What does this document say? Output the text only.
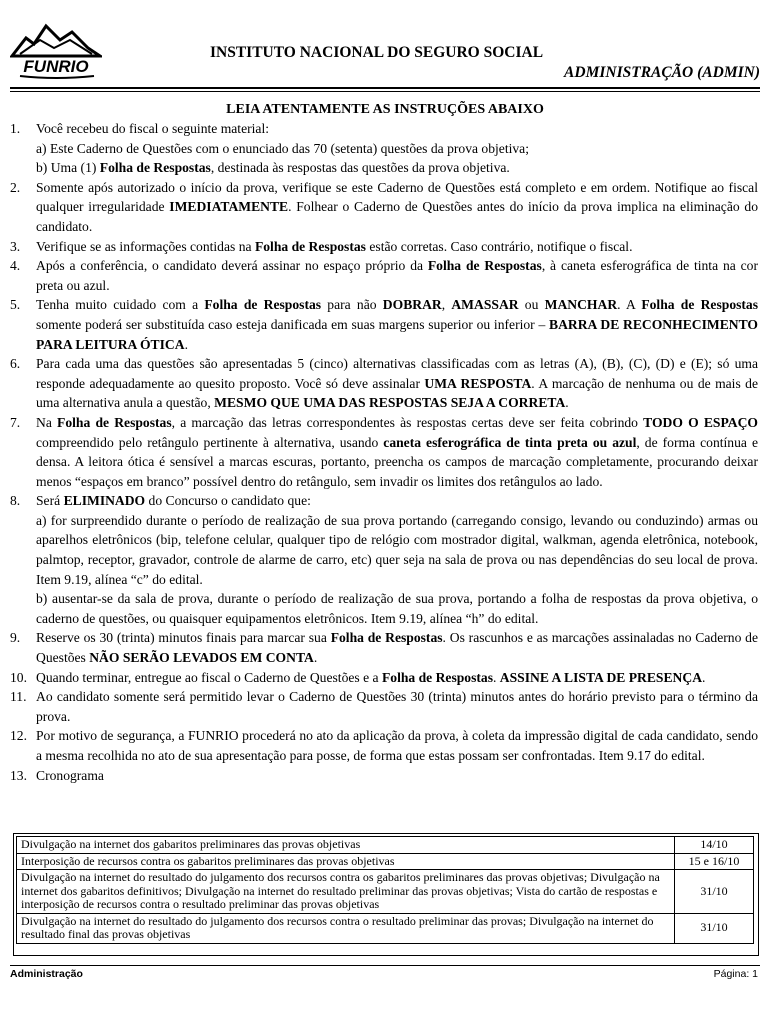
FUNRIO
INSTITUTO NACIONAL DO SEGURO SOCIAL
ADMINISTRAÇÃO (ADMIN)
LEIA ATENTAMENTE AS INSTRUÇÕES ABAIXO
1. Você recebeu do fiscal o seguinte material:
a) Este Caderno de Questões com o enunciado das 70 (setenta) questões da prova objetiva;
b) Uma (1) Folha de Respostas, destinada às respostas das questões da prova objetiva.
2. Somente após autorizado o início da prova, verifique se este Caderno de Questões está completo e em ordem. Notifique ao fiscal qualquer irregularidade IMEDIATAMENTE. Folhear o Caderno de Questões antes do início da prova implica na eliminação do candidato.
3. Verifique se as informações contidas na Folha de Respostas estão corretas. Caso contrário, notifique o fiscal.
4. Após a conferência, o candidato deverá assinar no espaço próprio da Folha de Respostas, à caneta esferográfica de tinta na cor preta ou azul.
5. Tenha muito cuidado com a Folha de Respostas para não DOBRAR, AMASSAR ou MANCHAR. A Folha de Respostas somente poderá ser substituída caso esteja danificada em suas margens superior ou inferior – BARRA DE RECONHECIMENTO PARA LEITURA ÓTICA.
6. Para cada uma das questões são apresentadas 5 (cinco) alternativas classificadas com as letras (A), (B), (C), (D) e (E); só uma responde adequadamente ao quesito proposto. Você só deve assinalar UMA RESPOSTA. A marcação de nenhuma ou de mais de uma alternativa anula a questão, MESMO QUE UMA DAS RESPOSTAS SEJA A CORRETA.
7. Na Folha de Respostas, a marcação das letras correspondentes às respostas certas deve ser feita cobrindo TODO O ESPAÇO compreendido pelo retângulo pertinente à alternativa, usando caneta esferográfica de tinta preta ou azul, de forma contínua e densa. A leitora ótica é sensível a marcas escuras, portanto, preencha os campos de marcação completamente, procurando deixar menos “espaços em branco” possível dentro do retângulo, sem invadir os limites dos retângulos ao lado.
8. Será ELIMINADO do Concurso o candidato que:
a) for surpreendido durante o período de realização de sua prova portando (carregando consigo, levando ou conduzindo) armas ou aparelhos eletrônicos (bip, telefone celular, qualquer tipo de relógio com mostrador digital, walkman, agenda eletrônica, notebook, palmtop, receptor, gravador, controle de alarme de carro, etc) quer seja na sala de prova ou nas dependências do seu local de prova. Item 9.19, alínea “c” do edital.
b) ausentar-se da sala de prova, durante o período de realização de sua prova, portando a folha de respostas da prova objetiva, o caderno de questões, ou quaisquer equipamentos eletrônicos. Item 9.19, alínea “h” do edital.
9. Reserve os 30 (trinta) minutos finais para marcar sua Folha de Respostas. Os rascunhos e as marcações assinaladas no Caderno de Questões NÃO SERÃO LEVADOS EM CONTA.
10. Quando terminar, entregue ao fiscal o Caderno de Questões e a Folha de Respostas. ASSINE A LISTA DE PRESENÇA.
11. Ao candidato somente será permitido levar o Caderno de Questões 30 (trinta) minutos antes do horário previsto para o término da prova.
12. Por motivo de segurança, a FUNRIO procederá no ato da aplicação da prova, à coleta da impressão digital de cada candidato, sendo a mesma recolhida no ato de sua apresentação para posse, de forma que estas possam ser confrontadas. Item 9.17 do edital.
13. Cronograma
Divulgação na internet dos gabaritos preliminares das provas objetivas	14/10
Interposição de recursos contra os gabaritos preliminares das provas objetivas	15 e 16/10
Divulgação na internet do resultado do julgamento dos recursos contra os gabaritos preliminares das provas objetivas; Divulgação na internet dos gabaritos definitivos; Divulgação na internet do resultado preliminar das provas objetivas; Vista do cartão de respostas e interposição de recursos contra o resultado preliminar das provas objetivas	31/10
Divulgação na internet do resultado do julgamento dos recursos contra o resultado preliminar das provas; Divulgação na internet do resultado final das provas objetivas	31/10
Administração	Página: 1
